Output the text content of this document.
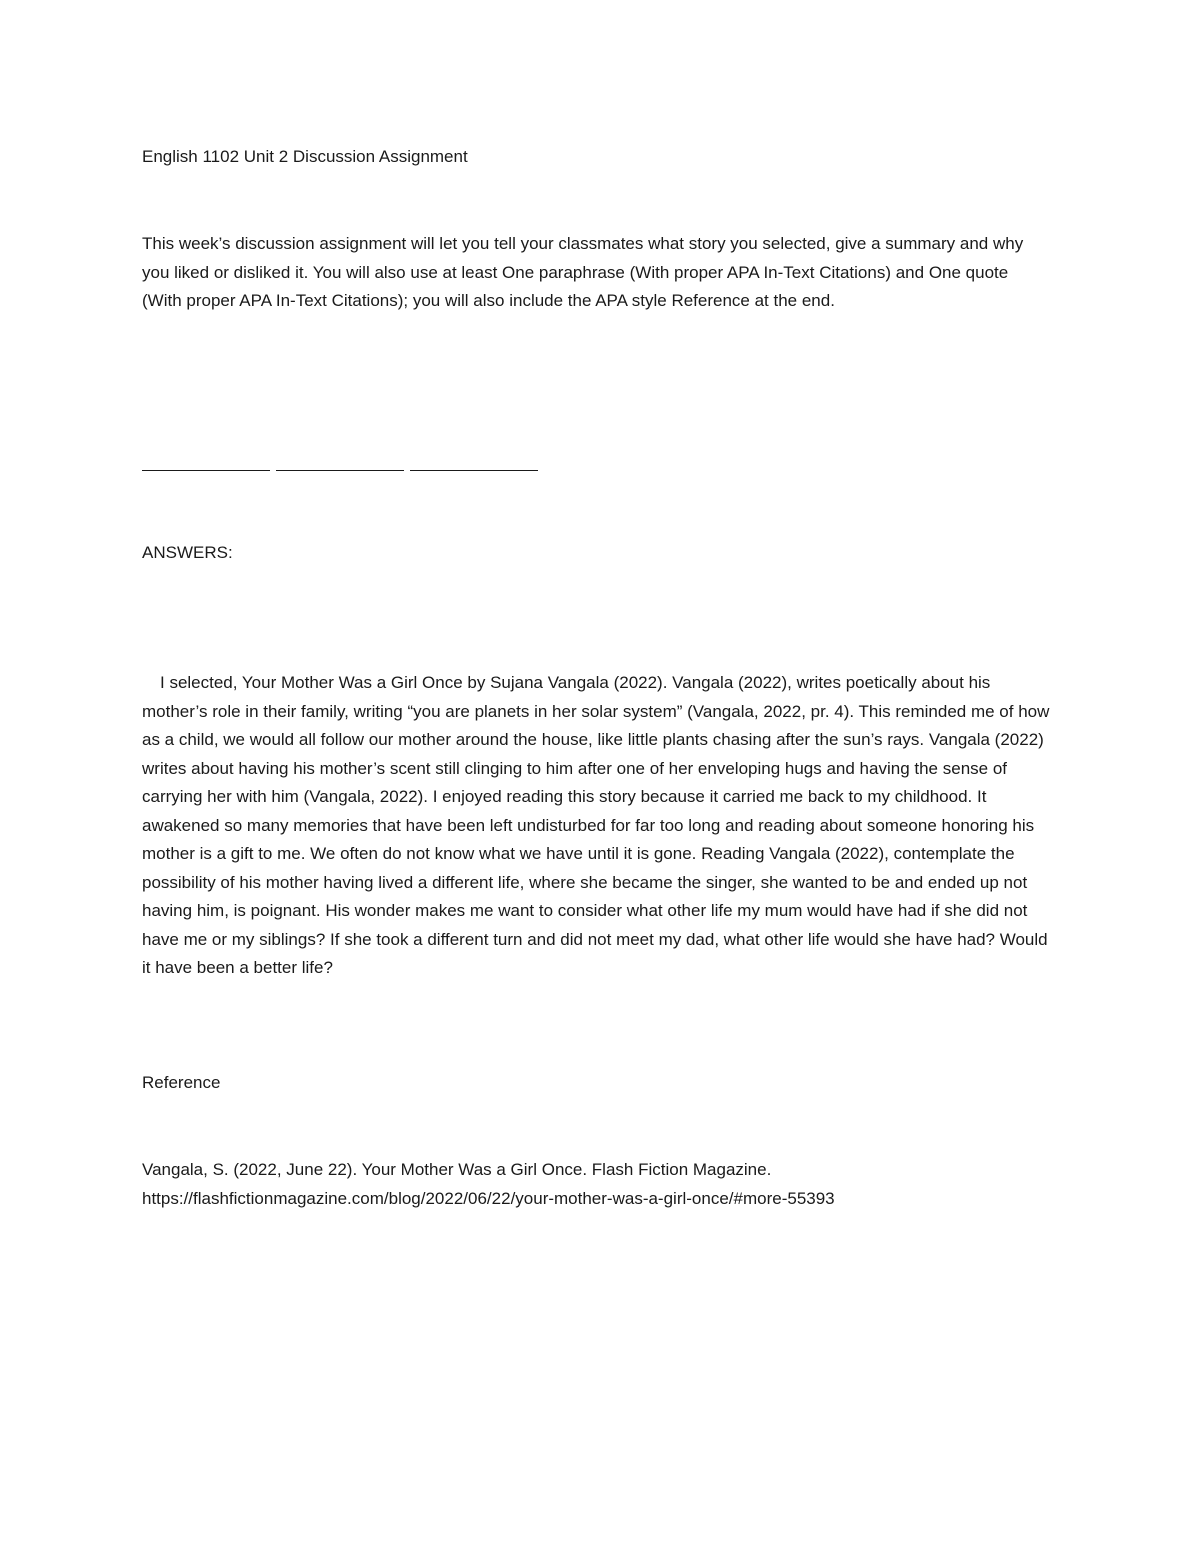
English 1102 Unit 2 Discussion Assignment

This week’s discussion assignment will let you tell your classmates what story you selected, give a summary and why you liked or disliked it. You will also use at least One paraphrase (With proper APA In-Text Citations) and One quote (With proper APA In-Text Citations); you will also include the APA style Reference at the end.

ANSWERS:

I selected, Your Mother Was a Girl Once by Sujana Vangala (2022). Vangala (2022), writes poetically about his mother’s role in their family, writing “you are planets in her solar system” (Vangala, 2022, pr. 4). This reminded me of how as a child, we would all follow our mother around the house, like little plants chasing after the sun’s rays. Vangala (2022) writes about having his mother’s scent still clinging to him after one of her enveloping hugs and having the sense of carrying her with him (Vangala, 2022). I enjoyed reading this story because it carried me back to my childhood. It awakened so many memories that have been left undisturbed for far too long and reading about someone honoring his mother is a gift to me. We often do not know what we have until it is gone. Reading Vangala (2022), contemplate the possibility of his mother having lived a different life, where she became the singer, she wanted to be and ended up not having him, is poignant. His wonder makes me want to consider what other life my mum would have had if she did not have me or my siblings? If she took a different turn and did not meet my dad, what other life would she have had? Would it have been a better life?

Reference

Vangala, S. (2022, June 22). Your Mother Was a Girl Once. Flash Fiction Magazine.

https://flashfictionmagazine.com/blog/2022/06/22/your-mother-was-a-girl-once/#more-55393
